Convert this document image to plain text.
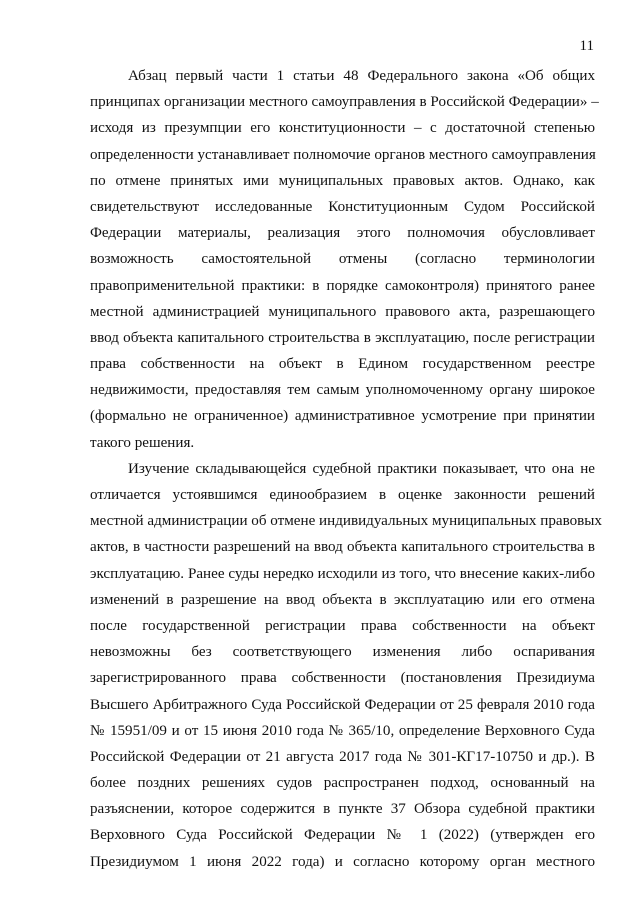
11
Абзац первый части 1 статьи 48 Федерального закона «Об общих
принципах организации местного самоуправления в Российской Федерации» –
исходя из презумпции его конституционности – с достаточной степенью
определенности устанавливает полномочие органов местного самоуправления
по отмене принятых ими муниципальных правовых актов. Однако, как
свидетельствуют исследованные Конституционным Судом Российской
Федерации материалы, реализация этого полномочия обусловливает
возможность самостоятельной отмены (согласно терминологии
правоприменительной практики: в порядке самоконтроля) принятого ранее
местной администрацией муниципального правового акта, разрешающего
ввод объекта капитального строительства в эксплуатацию, после регистрации
права собственности на объект в Едином государственном реестре
недвижимости, предоставляя тем самым уполномоченному органу широкое
(формально не ограниченное) административное усмотрение при принятии
такого решения.
Изучение складывающейся судебной практики показывает, что она не
отличается устоявшимся единообразием в оценке законности решений
местной администрации об отмене индивидуальных муниципальных правовых
актов, в частности разрешений на ввод объекта капитального строительства в
эксплуатацию. Ранее суды нередко исходили из того, что внесение каких-либо
изменений в разрешение на ввод объекта в эксплуатацию или его отмена
после государственной регистрации права собственности на объект
невозможны без соответствующего изменения либо оспаривания
зарегистрированного права собственности (постановления Президиума
Высшего Арбитражного Суда Российской Федерации от 25 февраля 2010 года
№ 15951/09 и от 15 июня 2010 года № 365/10, определение Верховного Суда
Российской Федерации от 21 августа 2017 года № 301-КГ17-10750 и др.). В
более поздних решениях судов распространен подход, основанный на
разъяснении, которое содержится в пункте 37 Обзора судебной практики
Верховного Суда Российской Федерации № 1 (2022) (утвержден его
Президиумом 1 июня 2022 года) и согласно которому орган местного
